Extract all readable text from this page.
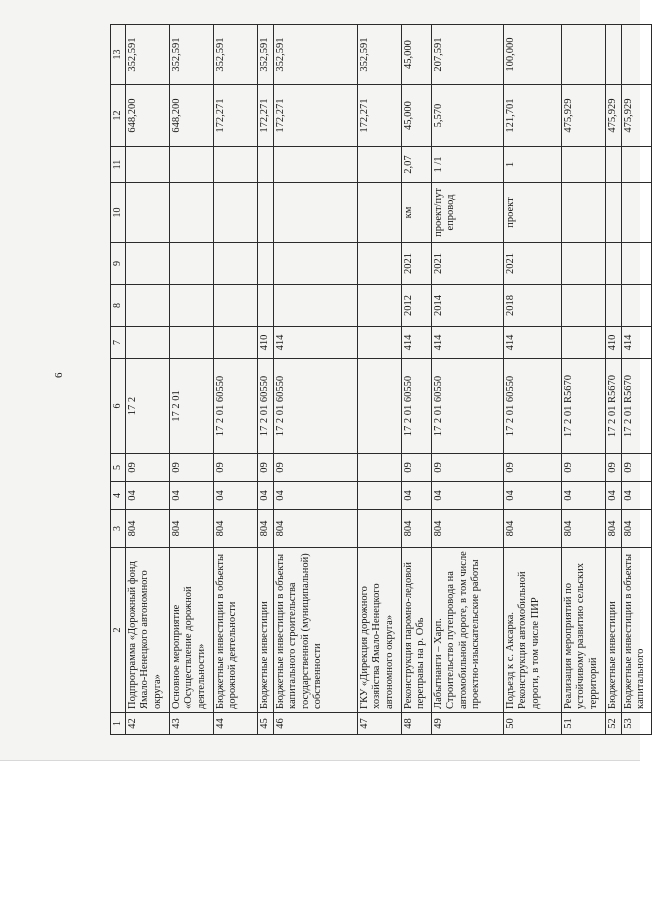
6
1	2	3	4	5	6	7	8	9	10	11	12	13
42	Подпрограмма «Дорожный фонд Ямало-Ненецкого автономного округа»	804	04	09	17 2						648,200	352,591
43	Основное мероприятие «Осуществление дорожной деятельности»	804	04	09	17 2 01						648,200	352,591
44	Бюджетные инвестиции в объекты дорожной деятельности	804	04	09	17 2 01 60550						172,271	352,591
45	Бюджетные инвестиции	804	04	09	17 2 01 60550	410					172,271	352,591
46	Бюджетные инвестиции в объекты капитального строительства государственной (муниципальной) собственности	804	04	09	17 2 01 60550	414					172,271	352,591
47	ГКУ «Дирекция дорожного хозяйства Ямало-Ненецкого автономного округа»										172,271	352,591
48	Реконструкция паромно-ледовой переправы на р. Обь	804	04	09	17 2 01 60550	414	2012	2021	км	2,07	45,000	45,000
49	Лабытнанги – Харп. Строительство путепровода на автомобильной дороге, в том числе проектно-изыскательские работы	804	04	09	17 2 01 60550	414	2014	2021	проект/пут епровод	1 /1	5,570	207,591
50	Подъезд к с. Аксарка. Реконструкция автомобильной дороги, в том числе ПИР	804	04	09	17 2 01 60550	414	2018	2021	проект	1	121,701	100,000
51	Реализация мероприятий по устойчивому развитию сельских территорий	804	04	09	17 2 01 R5670						475,929	
52	Бюджетные инвестиции	804	04	09	17 2 01 R5670	410					475,929	
53	Бюджетные инвестиции в объекты капитального	804	04	09	17 2 01 R5670	414					475,929	
